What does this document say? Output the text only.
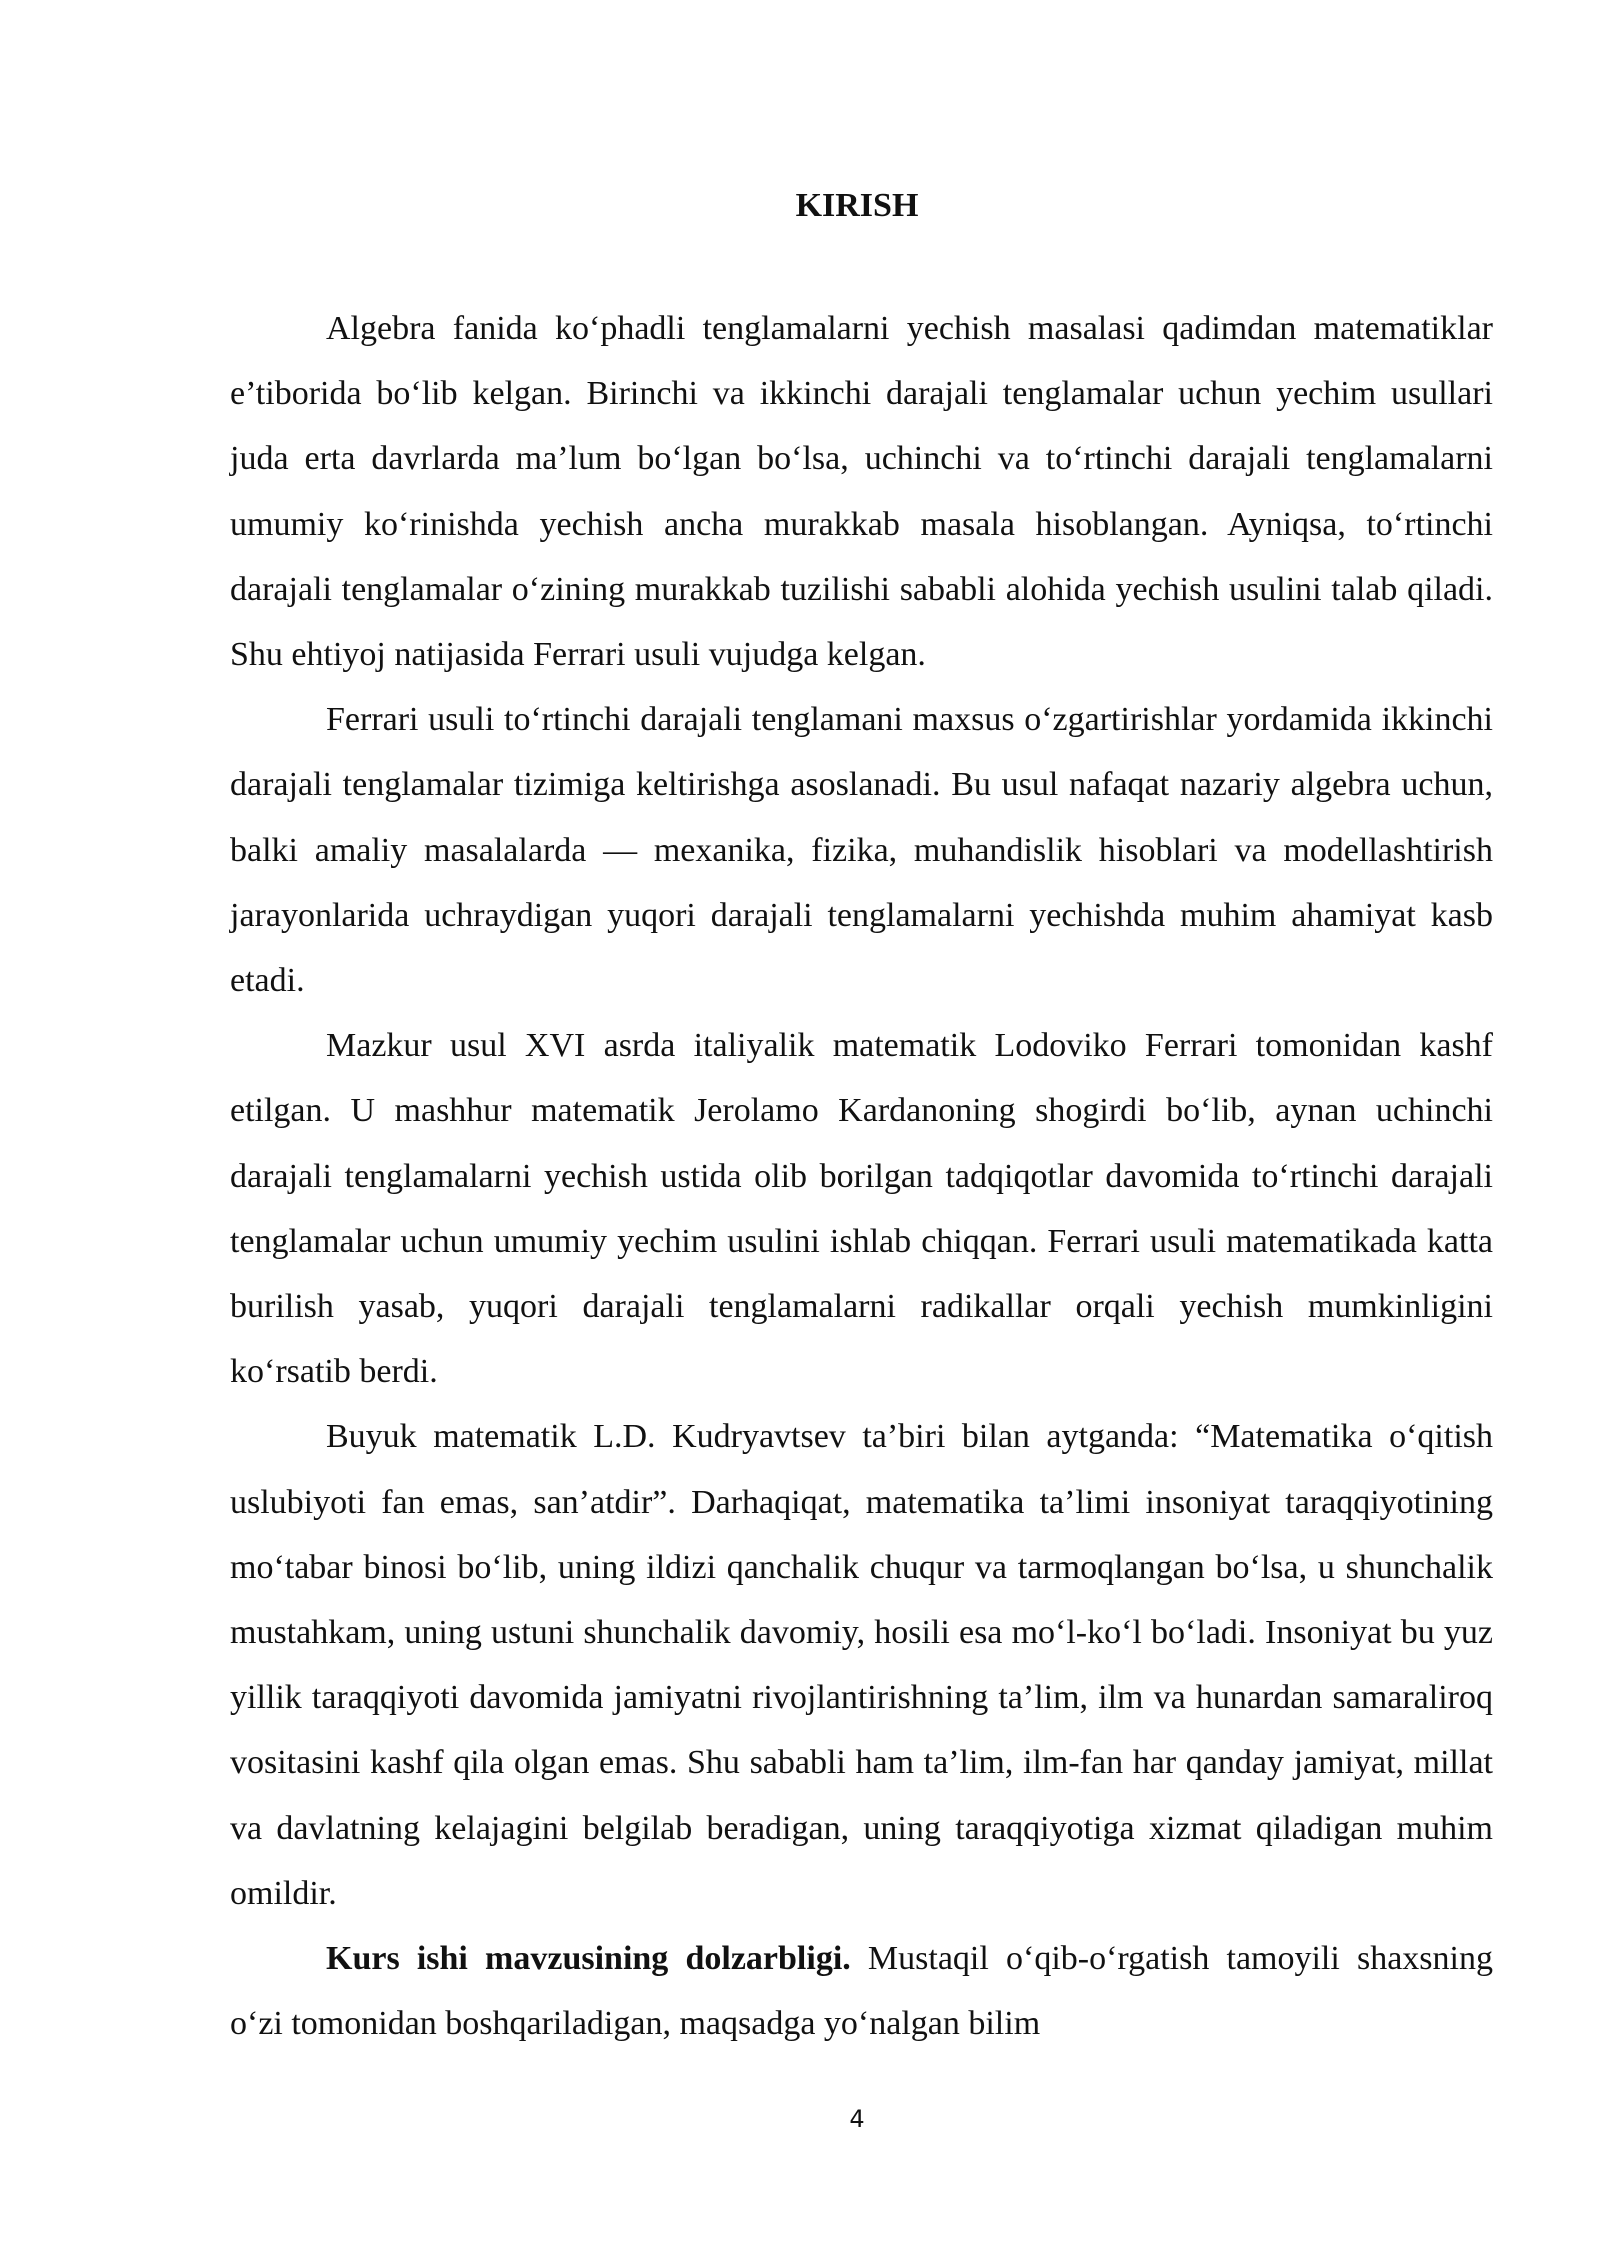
KIRISH

Algebra fanida ko‘phadli tenglamalarni yechish masalasi qadimdan matematiklar e’tiborida bo‘lib kelgan. Birinchi va ikkinchi darajali tenglamalar uchun yechim usullari juda erta davrlarda ma’lum bo‘lgan bo‘lsa, uchinchi va to‘rtinchi darajali tenglamalarni umumiy ko‘rinishda yechish ancha murakkab masala hisoblangan. Ayniqsa, to‘rtinchi darajali tenglamalar o‘zining murakkab tuzilishi sababli alohida yechish usulini talab qiladi. Shu ehtiyoj natijasida Ferrari usuli vujudga kelgan.

Ferrari usuli to‘rtinchi darajali tenglamani maxsus o‘zgartirishlar yordamida ikkinchi darajali tenglamalar tizimiga keltirishga asoslanadi. Bu usul nafaqat nazariy algebra uchun, balki amaliy masalalarda — mexanika, fizika, muhandislik hisoblari va modellashtirish jarayonlarida uchraydigan yuqori darajali tenglamalarni yechishda muhim ahamiyat kasb etadi.

Mazkur usul XVI asrda italiyalik matematik Lodoviko Ferrari tomonidan kashf etilgan. U mashhur matematik Jerolamo Kardanoning shogirdi bo‘lib, aynan uchinchi darajali tenglamalarni yechish ustida olib borilgan tadqiqotlar davomida to‘rtinchi darajali tenglamalar uchun umumiy yechim usulini ishlab chiqqan. Ferrari usuli matematikada katta burilish yasab, yuqori darajali tenglamalarni radikallar orqali yechish mumkinligini ko‘rsatib berdi.

Buyuk matematik L.D. Kudryavtsev ta’biri bilan aytganda: “Matematika o‘qitish uslubiyoti fan emas, san’atdir”. Darhaqiqat, matematika ta’limi insoniyat taraqqiyotining mo‘tabar binosi bo‘lib, uning ildizi qanchalik chuqur va tarmoqlangan bo‘lsa, u shunchalik mustahkam, uning ustuni shunchalik davomiy, hosili esa mo‘l-ko‘l bo‘ladi. Insoniyat bu yuz yillik taraqqiyoti davomida jamiyatni rivojlantirishning ta’lim, ilm va hunardan samaraliroq vositasini kashf qila olgan emas. Shu sababli ham ta’lim, ilm-fan har qanday jamiyat, millat va davlatning kelajagini belgilab beradigan, uning taraqqiyotiga xizmat qiladigan muhim omildir.

Kurs ishi mavzusining dolzarbligi. Mustaqil o‘qib-o‘rgatish tamoyili shaxsning o‘zi tomonidan boshqariladigan, maqsadga yo‘nalgan bilim

4
